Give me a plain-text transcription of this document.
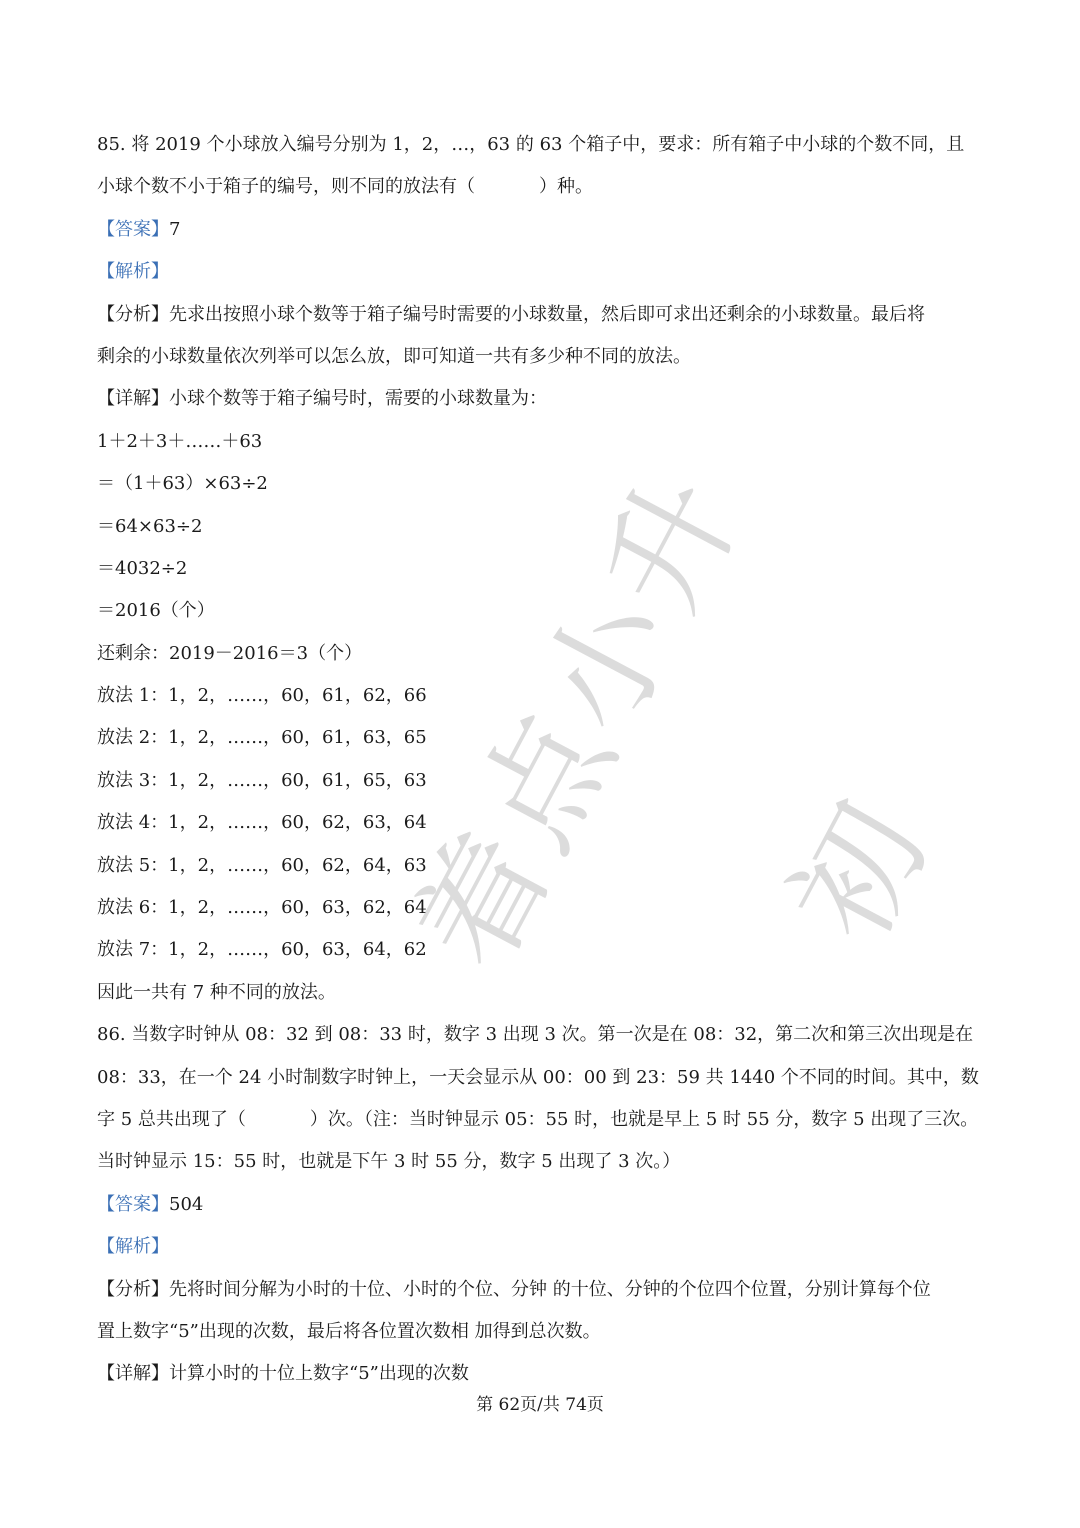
着点小升初
85. 将 2019 个小球放入编号分别为 1，2，…，63 的 63 个箱子中，要求：所有箱子中小球的个数不同，且
小球个数不小于箱子的编号，则不同的放法有（	）种。
【答案】7
【解析】
【分析】先求出按照小球个数等于箱子编号时需要的小球数量，然后即可求出还剩余的小球数量。最后将
剩余的小球数量依次列举可以怎么放，即可知道一共有多少种不同的放法。
【详解】小球个数等于箱子编号时，需要的小球数量为：
1＋2＋3＋……＋63
＝（1＋63）×63÷2
＝64×63÷2
＝4032÷2
＝2016（个）
还剩余：2019－2016＝3（个）
放法 1：1，2，……，60，61，62，66
放法 2：1，2，……，60，61，63，65
放法 3：1，2，……，60，61，65，63
放法 4：1，2，……，60，62，63，64
放法 5：1，2，……，60，62，64，63
放法 6：1，2，……，60，63，62，64
放法 7：1，2，……，60，63，64，62
因此一共有 7 种不同的放法。
86. 当数字时钟从 08：32 到 08：33 时，数字 3 出现 3 次。第一次是在 08：32，第二次和第三次出现是在
08：33，在一个 24 小时制数字时钟上，一天会显示从 00：00 到 23：59 共 1440 个不同的时间。其中，数
字 5 总共出现了（	）次。（注：当时钟显示 05：55 时，也就是早上 5 时 55 分，数字 5 出现了三次。
当时钟显示 15：55 时，也就是下午 3 时 55 分，数字 5 出现了 3 次。）
【答案】504
【解析】
【分析】先将时间分解为小时的十位、小时的个位、分钟 的十位、分钟的个位四个位置，分别计算每个位
置上数字“5”出现的次数，最后将各位置次数相 加得到总次数。
【详解】计算小时的十位上数字“5”出现的次数
第 62页/共 74页
